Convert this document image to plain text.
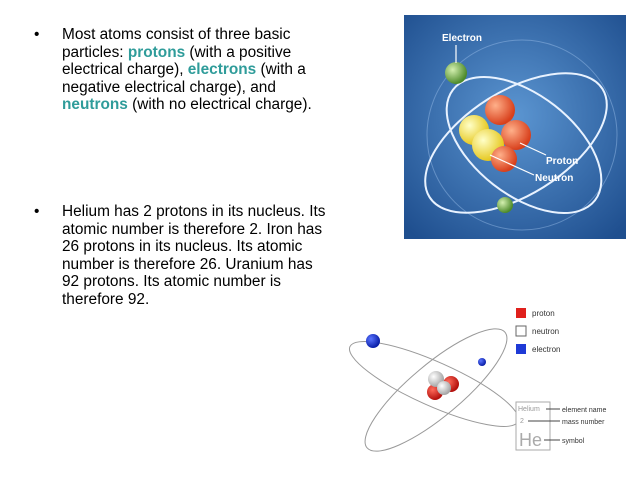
• Most atoms consist of three basic particles: protons (with a positive electrical charge), electrons (with a negative electrical charge), and neutrons (with no electrical charge).
• Helium has 2 protons in its nucleus. Its atomic number is therefore 2. Iron has 26 protons in its nucleus. Its atomic number is therefore 26. Uranium has 92 protons. Its atomic number is therefore 92.
Electron
Proton
Neutron
proton
neutron
electron
Helium
2
He
element name
mass number
symbol
